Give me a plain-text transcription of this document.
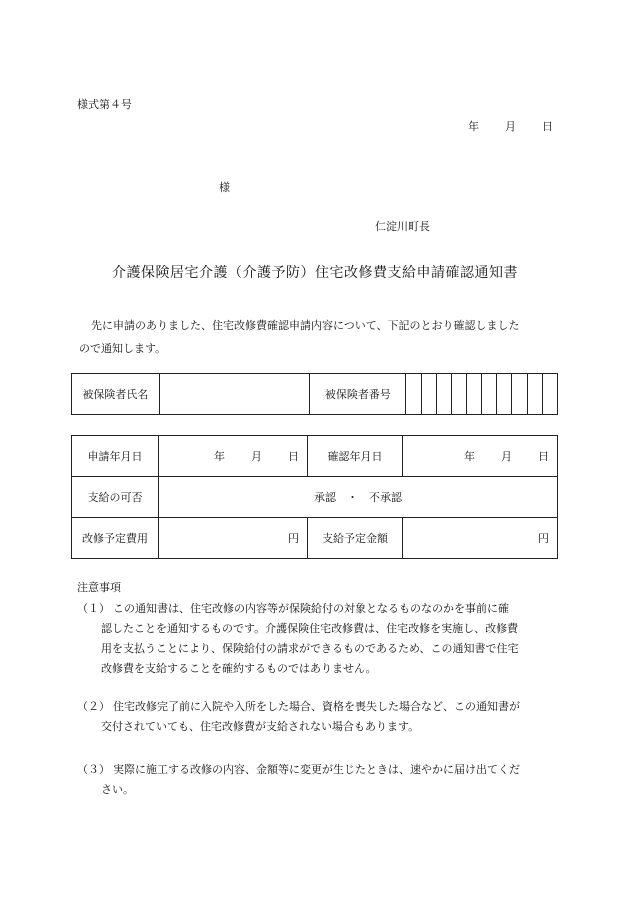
様式第４号
年 月 日
様
仁淀川町長
介護保険居宅介護（介護予防）住宅改修費支給申請確認通知書

先に申請のありました、住宅改修費確認申請内容について、下記のとおり確認しました

ので通知します。

被保険者氏名		被保険者番号										
申請年月日	年 月 日	確認年月日	年 月 日
支給の可否	承認　・　不承認		
改修予定費用	円	支給予定金額	円
注意事項
（１） この通知書は、住宅改修の内容等が保険給付の対象となるものなのかを事前に確
認したことを通知するものです。介護保険住宅改修費は、住宅改修を実施し、改修費
用を支払うことにより、保険給付の請求ができるものであるため、この通知書で住宅
改修費を支給することを確約するものではありません。
（２） 住宅改修完了前に入院や入所をした場合、資格を喪失した場合など、この通知書が
交付されていても、住宅改修費が支給されない場合もあります。
（３） 実際に施工する改修の内容、金額等に変更が生じたときは、速やかに届け出てくだ
さい。
